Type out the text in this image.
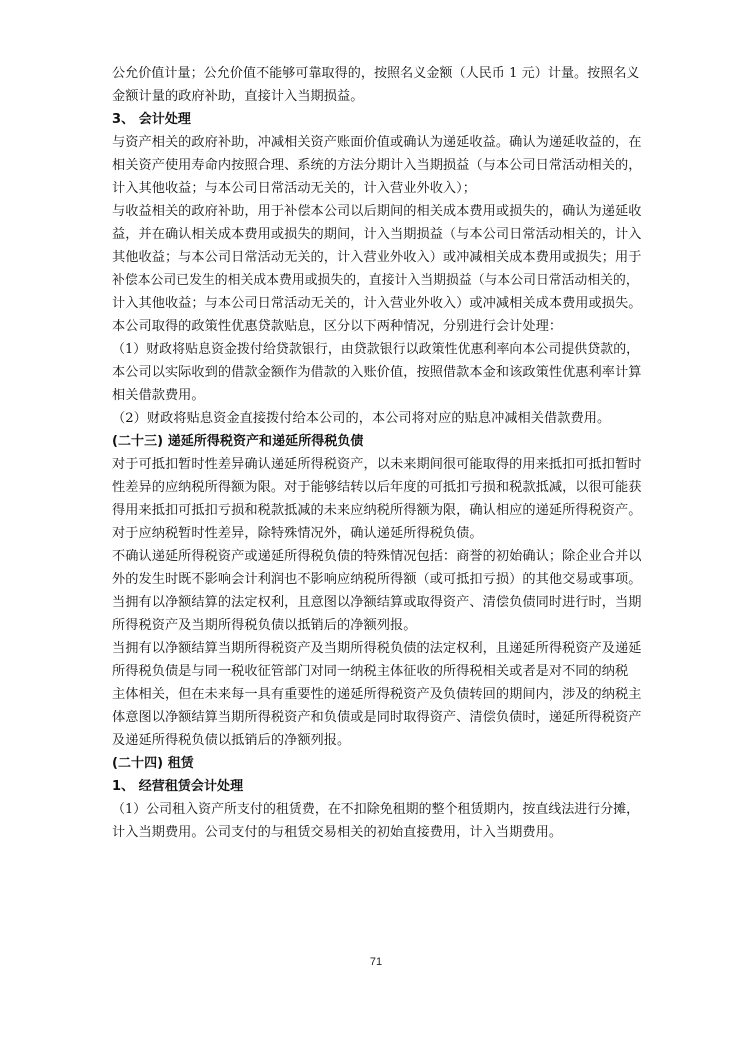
公允价值计量；公允价值不能够可靠取得的，按照名义金额（人民币 1 元）计量。按照名义
金额计量的政府补助，直接计入当期损益。
3、 会计处理
与资产相关的政府补助，冲减相关资产账面价值或确认为递延收益。确认为递延收益的，在
相关资产使用寿命内按照合理、系统的方法分期计入当期损益（与本公司日常活动相关的，
计入其他收益；与本公司日常活动无关的，计入营业外收入）；
与收益相关的政府补助，用于补偿本公司以后期间的相关成本费用或损失的，确认为递延收
益，并在确认相关成本费用或损失的期间，计入当期损益（与本公司日常活动相关的，计入
其他收益；与本公司日常活动无关的，计入营业外收入）或冲减相关成本费用或损失；用于
补偿本公司已发生的相关成本费用或损失的，直接计入当期损益（与本公司日常活动相关的，
计入其他收益；与本公司日常活动无关的，计入营业外收入）或冲减相关成本费用或损失。
本公司取得的政策性优惠贷款贴息，区分以下两种情况，分别进行会计处理：
（1）财政将贴息资金拨付给贷款银行，由贷款银行以政策性优惠利率向本公司提供贷款的，
本公司以实际收到的借款金额作为借款的入账价值，按照借款本金和该政策性优惠利率计算
相关借款费用。
（2）财政将贴息资金直接拨付给本公司的，本公司将对应的贴息冲减相关借款费用。
(二十三) 递延所得税资产和递延所得税负债
对于可抵扣暂时性差异确认递延所得税资产，以未来期间很可能取得的用来抵扣可抵扣暂时
性差异的应纳税所得额为限。对于能够结转以后年度的可抵扣亏损和税款抵减，以很可能获
得用来抵扣可抵扣亏损和税款抵减的未来应纳税所得额为限，确认相应的递延所得税资产。
对于应纳税暂时性差异，除特殊情况外，确认递延所得税负债。
不确认递延所得税资产或递延所得税负债的特殊情况包括：商誉的初始确认；除企业合并以
外的发生时既不影响会计利润也不影响应纳税所得额（或可抵扣亏损）的其他交易或事项。
当拥有以净额结算的法定权利，且意图以净额结算或取得资产、清偿负债同时进行时，当期
所得税资产及当期所得税负债以抵销后的净额列报。
当拥有以净额结算当期所得税资产及当期所得税负债的法定权利，且递延所得税资产及递延
所得税负债是与同一税收征管部门对同一纳税主体征收的所得税相关或者是对不同的纳税
主体相关，但在未来每一具有重要性的递延所得税资产及负债转回的期间内，涉及的纳税主
体意图以净额结算当期所得税资产和负债或是同时取得资产、清偿负债时，递延所得税资产
及递延所得税负债以抵销后的净额列报。
(二十四) 租赁
1、 经营租赁会计处理
（1）公司租入资产所支付的租赁费，在不扣除免租期的整个租赁期内，按直线法进行分摊，
计入当期费用。公司支付的与租赁交易相关的初始直接费用，计入当期费用。
71
